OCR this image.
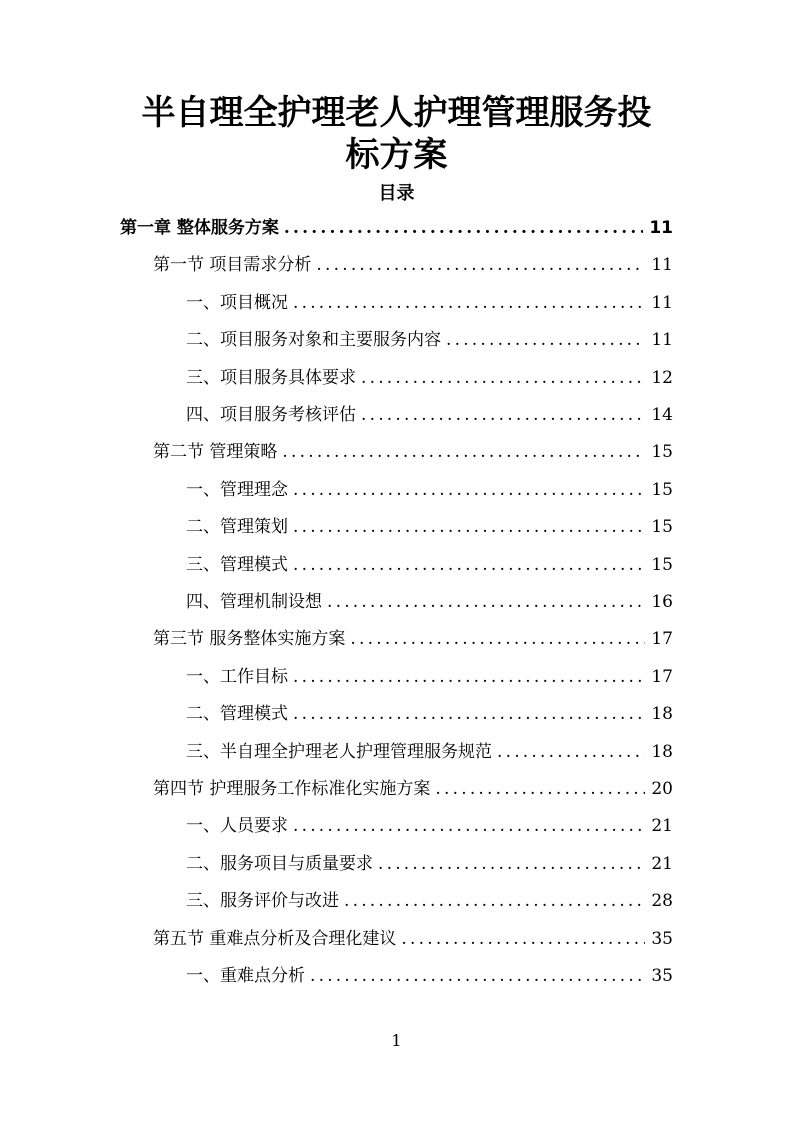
半自理全护理老人护理管理服务投
标方案
目录
第一章 整体服务方案 .....	11
第一节 项目需求分析 .....	11
一、项目概况 .....	11
二、项目服务对象和主要服务内容 .....	11
三、项目服务具体要求 .....	12
四、项目服务考核评估 .....	14
第二节 管理策略 .....	15
一、管理理念 .....	15
二、管理策划 .....	15
三、管理模式 .....	15
四、管理机制设想 .....	16
第三节 服务整体实施方案 .....	17
一、工作目标 .....	17
二、管理模式 .....	18
三、半自理全护理老人护理管理服务规范 .....	18
第四节 护理服务工作标准化实施方案 .....	20
一、人员要求 .....	21
二、服务项目与质量要求 .....	21
三、服务评价与改进 .....	28
第五节 重难点分析及合理化建议 .....	35
一、重难点分析 .....	35
1
